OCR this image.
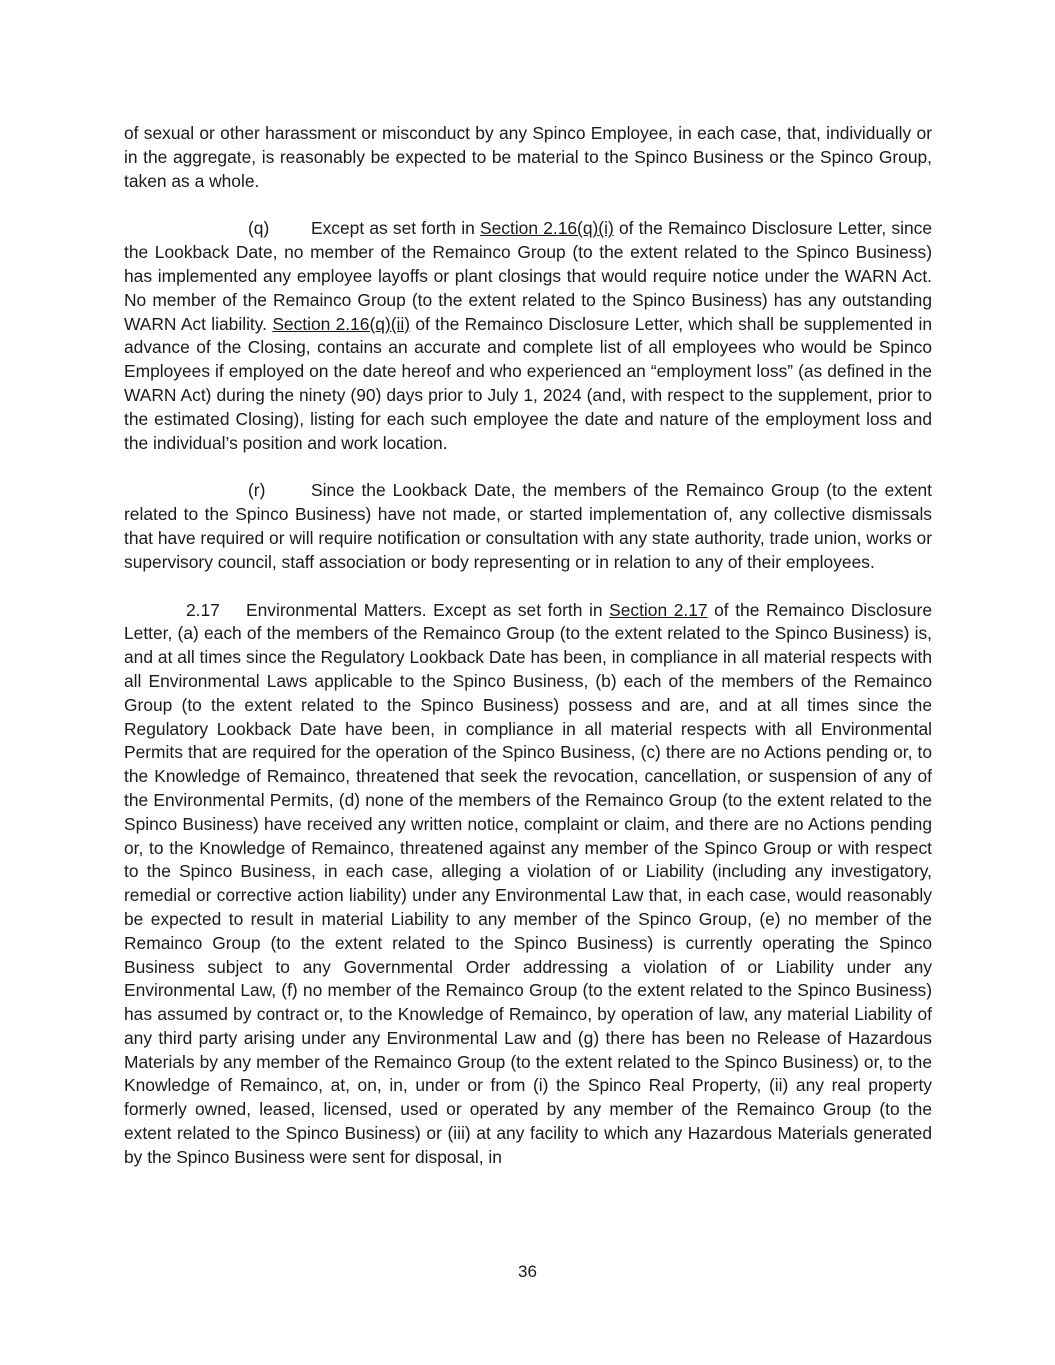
of sexual or other harassment or misconduct by any Spinco Employee, in each case, that, individually or in the aggregate, is reasonably be expected to be material to the Spinco Business or the Spinco Group, taken as a whole.

(q) Except as set forth in Section 2.16(q)(i) of the Remainco Disclosure Letter, since the Lookback Date, no member of the Remainco Group (to the extent related to the Spinco Business) has implemented any employee layoffs or plant closings that would require notice under the WARN Act. No member of the Remainco Group (to the extent related to the Spinco Business) has any outstanding WARN Act liability. Section 2.16(q)(ii) of the Remainco Disclosure Letter, which shall be supplemented in advance of the Closing, contains an accurate and complete list of all employees who would be Spinco Employees if employed on the date hereof and who experienced an “employment loss” (as defined in the WARN Act) during the ninety (90) days prior to July 1, 2024 (and, with respect to the supplement, prior to the estimated Closing), listing for each such employee the date and nature of the employment loss and the individual’s position and work location.

(r)	Since the Lookback Date, the members of the Remainco Group (to the extent related to the Spinco Business) have not made, or started implementation of, any collective dismissals that have required or will require notification or consultation with any state authority, trade union, works or supervisory council, staff association or body representing or in relation to any of their employees.

2.17 Environmental Matters. Except as set forth in Section 2.17 of the Remainco Disclosure Letter, (a) each of the members of the Remainco Group (to the extent related to the Spinco Business) is, and at all times since the Regulatory Lookback Date has been, in compliance in all material respects with all Environmental Laws applicable to the Spinco Business, (b) each of the members of the Remainco Group (to the extent related to the Spinco Business) possess and are, and at all times since the Regulatory Lookback Date have been, in compliance in all material respects with all Environmental Permits that are required for the operation of the Spinco Business, (c) there are no Actions pending or, to the Knowledge of Remainco, threatened that seek the revocation, cancellation, or suspension of any of the Environmental Permits, (d) none of the members of the Remainco Group (to the extent related to the Spinco Business) have received any written notice, complaint or claim, and there are no Actions pending or, to the Knowledge of Remainco, threatened against any member of the Spinco Group or with respect to the Spinco Business, in each case, alleging a violation of or Liability (including any investigatory, remedial or corrective action liability) under any Environmental Law that, in each case, would reasonably be expected to result in material Liability to any member of the Spinco Group, (e) no member of the Remainco Group (to the extent related to the Spinco Business) is currently operating the Spinco Business subject to any Governmental Order addressing a violation of or Liability under any Environmental Law, (f) no member of the Remainco Group (to the extent related to the Spinco Business) has assumed by contract or, to the Knowledge of Remainco, by operation of law, any material Liability of any third party arising under any Environmental Law and (g) there has been no Release of Hazardous Materials by any member of the Remainco Group (to the extent related to the Spinco Business) or, to the Knowledge of Remainco, at, on, in, under or from (i) the Spinco Real Property, (ii) any real property formerly owned, leased, licensed, used or operated by any member of the Remainco Group (to the extent related to the Spinco Business) or (iii) at any facility to which any Hazardous Materials generated by the Spinco Business were sent for disposal, in

36
